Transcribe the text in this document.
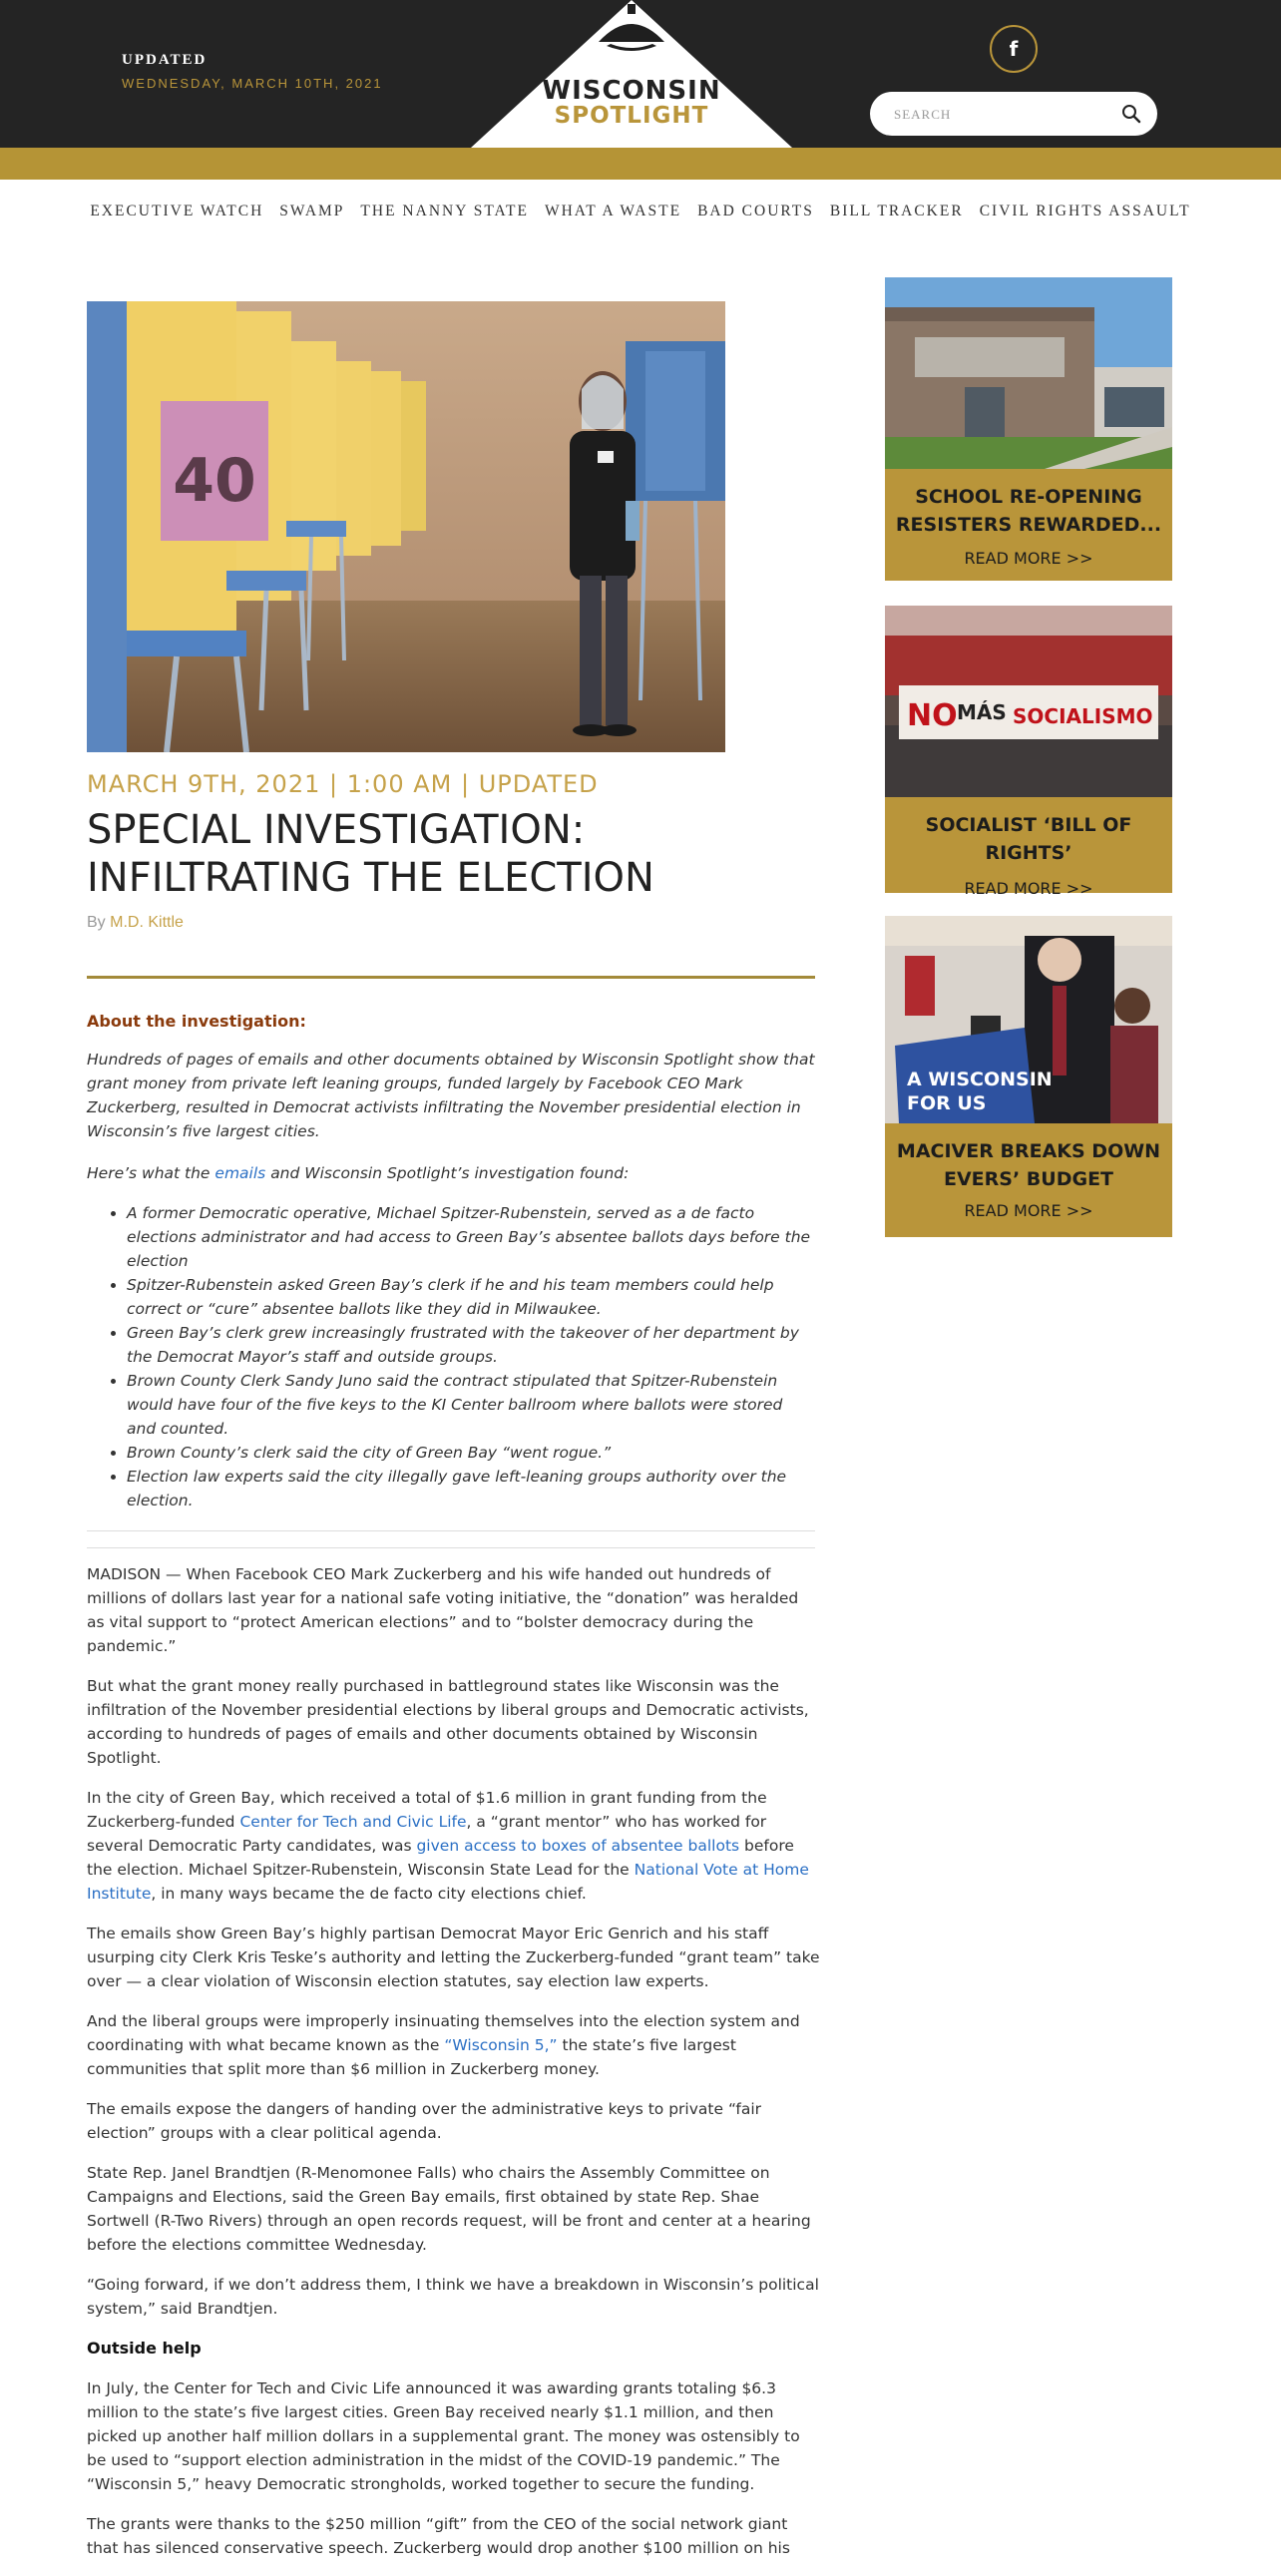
UPDATED
WEDNESDAY, MARCH 10TH, 2021	WISCONSIN
SPOTLIGHT
f
SEARCH
EXECUTIVE WATCH SWAMP THE NANNY STATE WHAT A WASTE BAD COURTS BILL TRACKER CIVIL RIGHTS ASSAULT
40
MARCH 9TH, 2021 | 1:00 AM | UPDATED
SPECIAL INVESTIGATION: INFILTRATING THE ELECTION
By M.D. Kittle
About the investigation:

Hundreds of pages of emails and other documents obtained by Wisconsin Spotlight show that grant money from private left leaning groups, funded largely by Facebook CEO Mark Zuckerberg, resulted in Democrat activists infiltrating the November presidential election in Wisconsin’s five largest cities.

Here’s what the emails and Wisconsin Spotlight’s investigation found:

• A former Democratic operative, Michael Spitzer-Rubenstein, served as a de facto elections administrator and had access to Green Bay’s absentee ballots days before the election
• Spitzer-Rubenstein asked Green Bay’s clerk if he and his team members could help correct or “cure” absentee ballots like they did in Milwaukee.
• Green Bay’s clerk grew increasingly frustrated with the takeover of her department by the Democrat Mayor’s staff and outside groups.
• Brown County Clerk Sandy Juno said the contract stipulated that Spitzer-Rubenstein would have four of the five keys to the KI Center ballroom where ballots were stored and counted.
• Brown County’s clerk said the city of Green Bay “went rogue.”
• Election law experts said the city illegally gave left-leaning groups authority over the election.

MADISON — When Facebook CEO Mark Zuckerberg and his wife handed out hundreds of millions of dollars last year for a national safe voting initiative, the “donation” was heralded as vital support to “protect American elections” and to “bolster democracy during the pandemic.”

But what the grant money really purchased in battleground states like Wisconsin was the infiltration of the November presidential elections by liberal groups and Democratic activists, according to hundreds of pages of emails and other documents obtained by Wisconsin Spotlight.

In the city of Green Bay, which received a total of $1.6 million in grant funding from the Zuckerberg-funded Center for Tech and Civic Life, a “grant mentor” who has worked for several Democratic Party candidates, was given access to boxes of absentee ballots before the election. Michael Spitzer-Rubenstein, Wisconsin State Lead for the National Vote at Home Institute, in many ways became the de facto city elections chief.

The emails show Green Bay’s highly partisan Democrat Mayor Eric Genrich and his staff usurping city Clerk Kris Teske’s authority and letting the Zuckerberg-funded “grant team” take over — a clear violation of Wisconsin election statutes, say election law experts.

And the liberal groups were improperly insinuating themselves into the election system and coordinating with what became known as the “Wisconsin 5,” the state’s five largest communities that split more than $6 million in Zuckerberg money.

The emails expose the dangers of handing over the administrative keys to private “fair election” groups with a clear political agenda.

State Rep. Janel Brandtjen (R-Menomonee Falls) who chairs the Assembly Committee on Campaigns and Elections, said the Green Bay emails, first obtained by state Rep. Shae Sortwell (R-Two Rivers) through an open records request, will be front and center at a hearing before the elections committee Wednesday.

“Going forward, if we don’t address them, I think we have a breakdown in Wisconsin’s political system,” said Brandtjen.

Outside help

In July, the Center for Tech and Civic Life announced it was awarding grants totaling $6.3 million to the state’s five largest cities. Green Bay received nearly $1.1 million, and then picked up another half million dollars in a supplemental grant. The money was ostensibly to be used to “support election administration in the midst of the COVID-19 pandemic.” The “Wisconsin 5,” heavy Democratic strongholds, worked together to secure the funding.

The grants were thanks to the $250 million “gift” from the CEO of the social network giant that has silenced conservative speech. Zuckerberg would drop another $100 million on his

SCHOOL RE-OPENING RESISTERS REWARDED...
READ MORE >>
NO MÁS SOCIALISMO
SOCIALIST ‘BILL OF RIGHTS’
READ MORE >>
A WISCONSIN
FOR US
MACIVER BREAKS DOWN EVERS’ BUDGET
READ MORE >>
